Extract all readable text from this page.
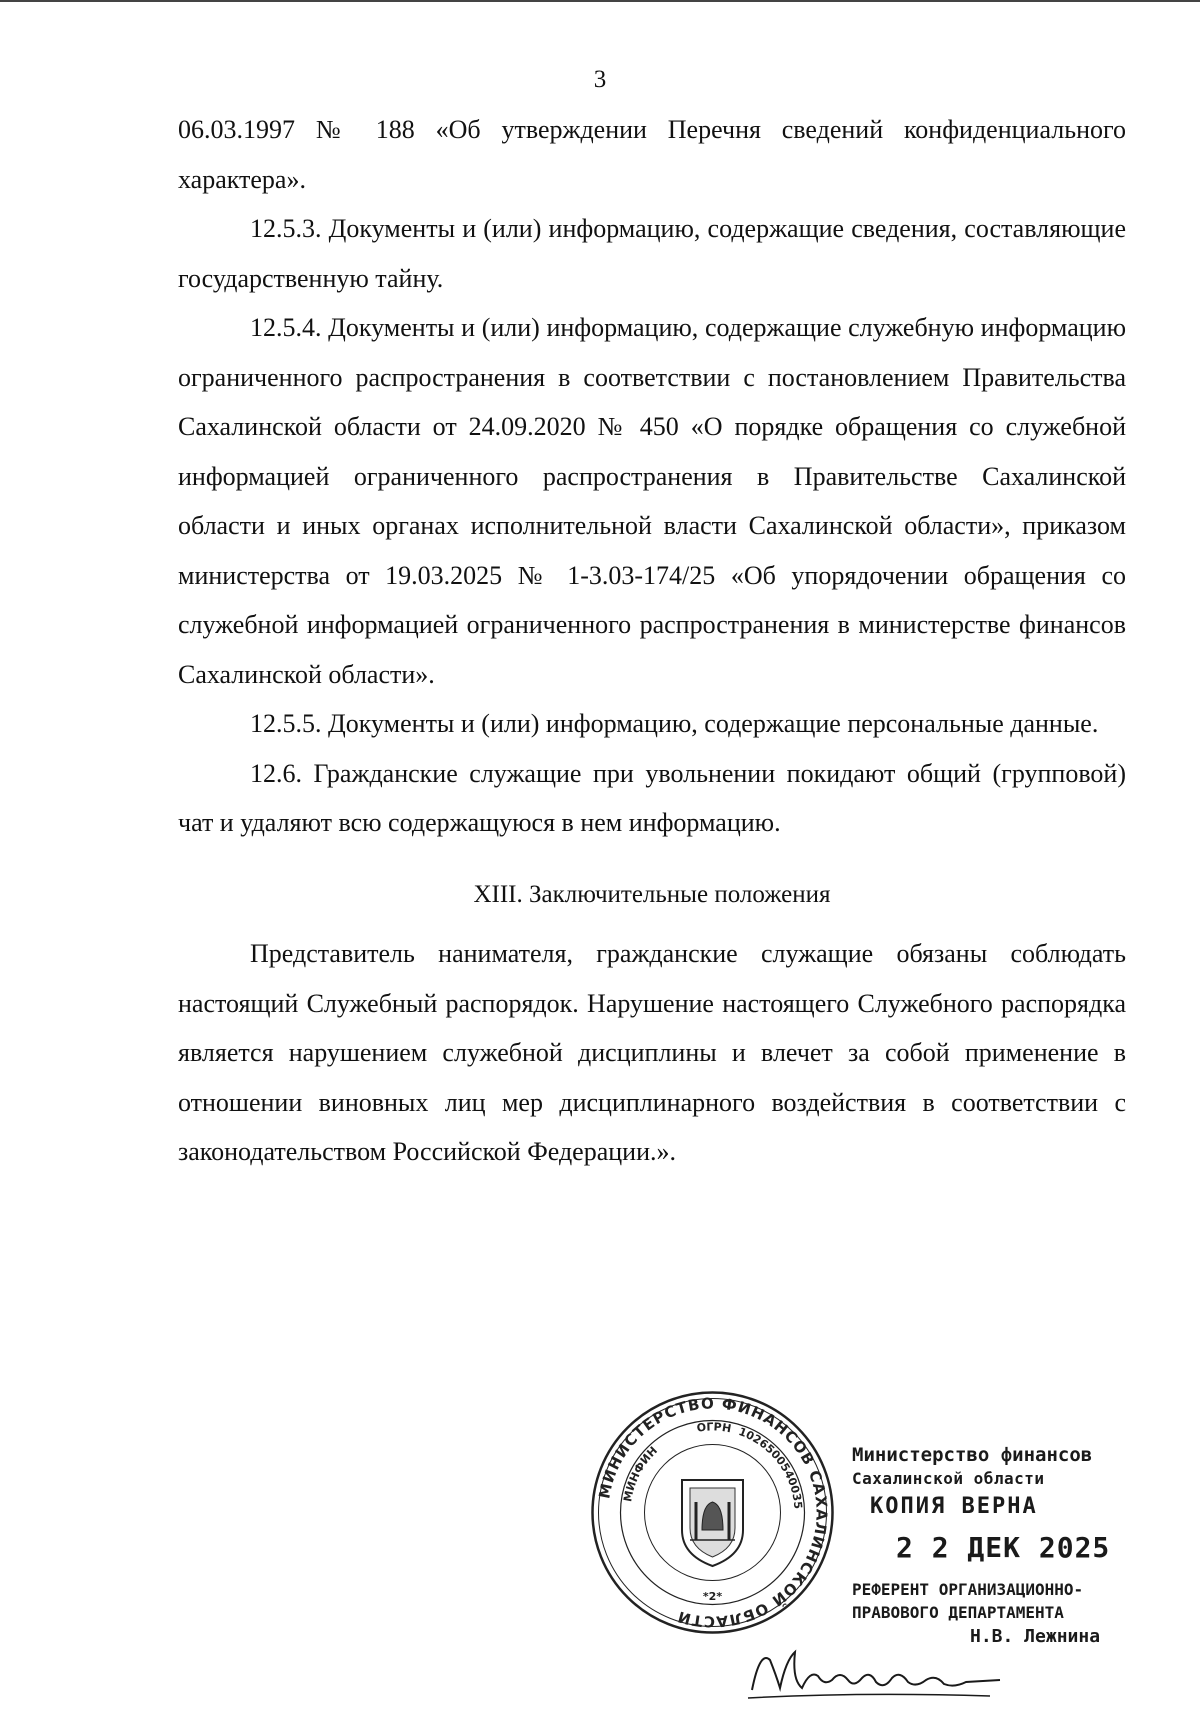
3

06.03.1997 № 188 «Об утверждении Перечня сведений конфиденциального характера».

12.5.3. Документы и (или) информацию, содержащие сведения, составляющие государственную тайну.

12.5.4. Документы и (или) информацию, содержащие служебную информацию ограниченного распространения в соответствии с постановлением Правительства Сахалинской области от 24.09.2020 № 450 «О порядке обращения со служебной информацией ограниченного распространения в Правительстве Сахалинской области и иных органах исполнительной власти Сахалинской области», приказом министерства от 19.03.2025 № 1-3.03-174/25 «Об упорядочении обращения со служебной информацией ограниченного распространения в министерстве финансов Сахалинской области».

12.5.5. Документы и (или) информацию, содержащие персональные данные.

12.6. Гражданские служащие при увольнении покидают общий (групповой) чат и удаляют всю содержащуюся в нем информацию.

XIII. Заключительные положения

Представитель нанимателя, гражданские служащие обязаны соблюдать настоящий Служебный распорядок. Нарушение настоящего Служебного распорядка является нарушением служебной дисциплины и влечет за собой применение в отношении виновных лиц мер дисциплинарного воздействия в соответствии с законодательством Российской Федерации.».

МИНИСТЕРСТВО ФИНАНСОВ САХАЛИНСКОЙ ОБЛАСТИ
ОГРН 1026500540035
МИНФИН
*2*
Министерство финансов
Сахалинской области
КОПИЯ ВЕРНА
2 2 ДЕК 2025
РЕФЕРЕНТ ОРГАНИЗАЦИОННО-
ПРАВОВОГО ДЕПАРТАМЕНТА
Н.В. Лежнина
